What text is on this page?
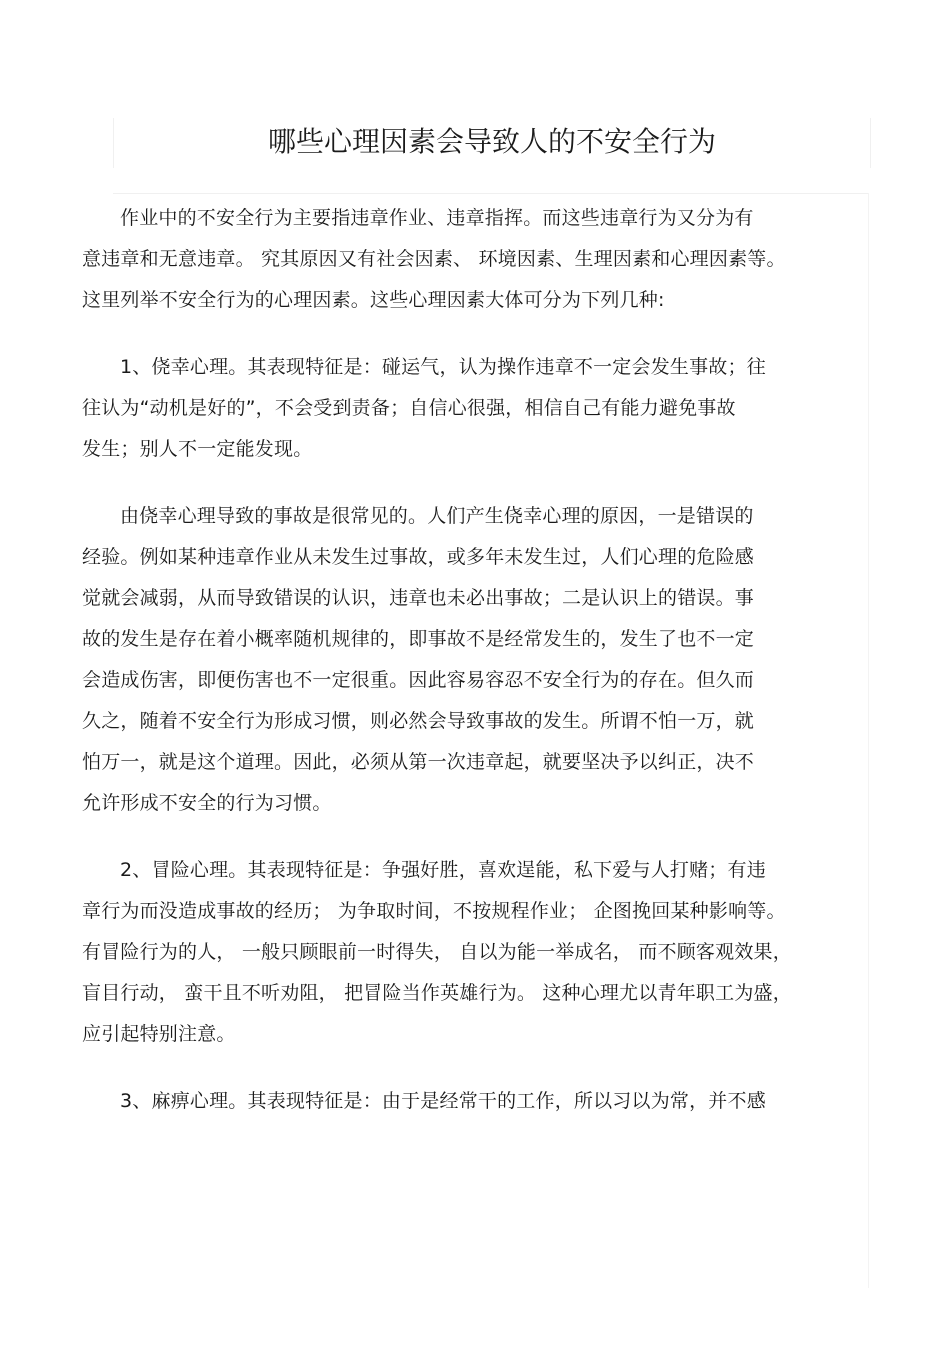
哪些心理因素会导致人的不安全行为

作业中的不安全行为主要指违章作业、违章指挥。而这些违章行为又分为有
意违章和无意违章。 究其原因又有社会因素、 环境因素、生理因素和心理因素等。
这里列举不安全行为的心理因素。这些心理因素大体可分为下列几种:

1、侥幸心理。其表现特征是：碰运气，认为操作违章不一定会发生事故；往
往认为“动机是好的”，不会受到责备；自信心很强，相信自己有能力避免事故
发生；别人不一定能发现。

由侥幸心理导致的事故是很常见的。人们产生侥幸心理的原因，一是错误的
经验。例如某种违章作业从未发生过事故，或多年未发生过，人们心理的危险感
觉就会减弱，从而导致错误的认识，违章也未必出事故；二是认识上的错误。事
故的发生是存在着小概率随机规律的，即事故不是经常发生的，发生了也不一定
会造成伤害，即便伤害也不一定很重。因此容易容忍不安全行为的存在。但久而
久之，随着不安全行为形成习惯，则必然会导致事故的发生。所谓不怕一万，就
怕万一，就是这个道理。因此，必须从第一次违章起，就要坚决予以纠正，决不
允许形成不安全的行为习惯。

2、冒险心理。其表现特征是：争强好胜，喜欢逞能，私下爱与人打赌；有违
章行为而没造成事故的经历； 为争取时间，不按规程作业； 企图挽回某种影响等。
有冒险行为的人， 一般只顾眼前一时得失， 自以为能一举成名， 而不顾客观效果，
盲目行动， 蛮干且不听劝阻， 把冒险当作英雄行为。 这种心理尤以青年职工为盛，
应引起特别注意。

3、麻痹心理。其表现特征是：由于是经常干的工作，所以习以为常，并不感
